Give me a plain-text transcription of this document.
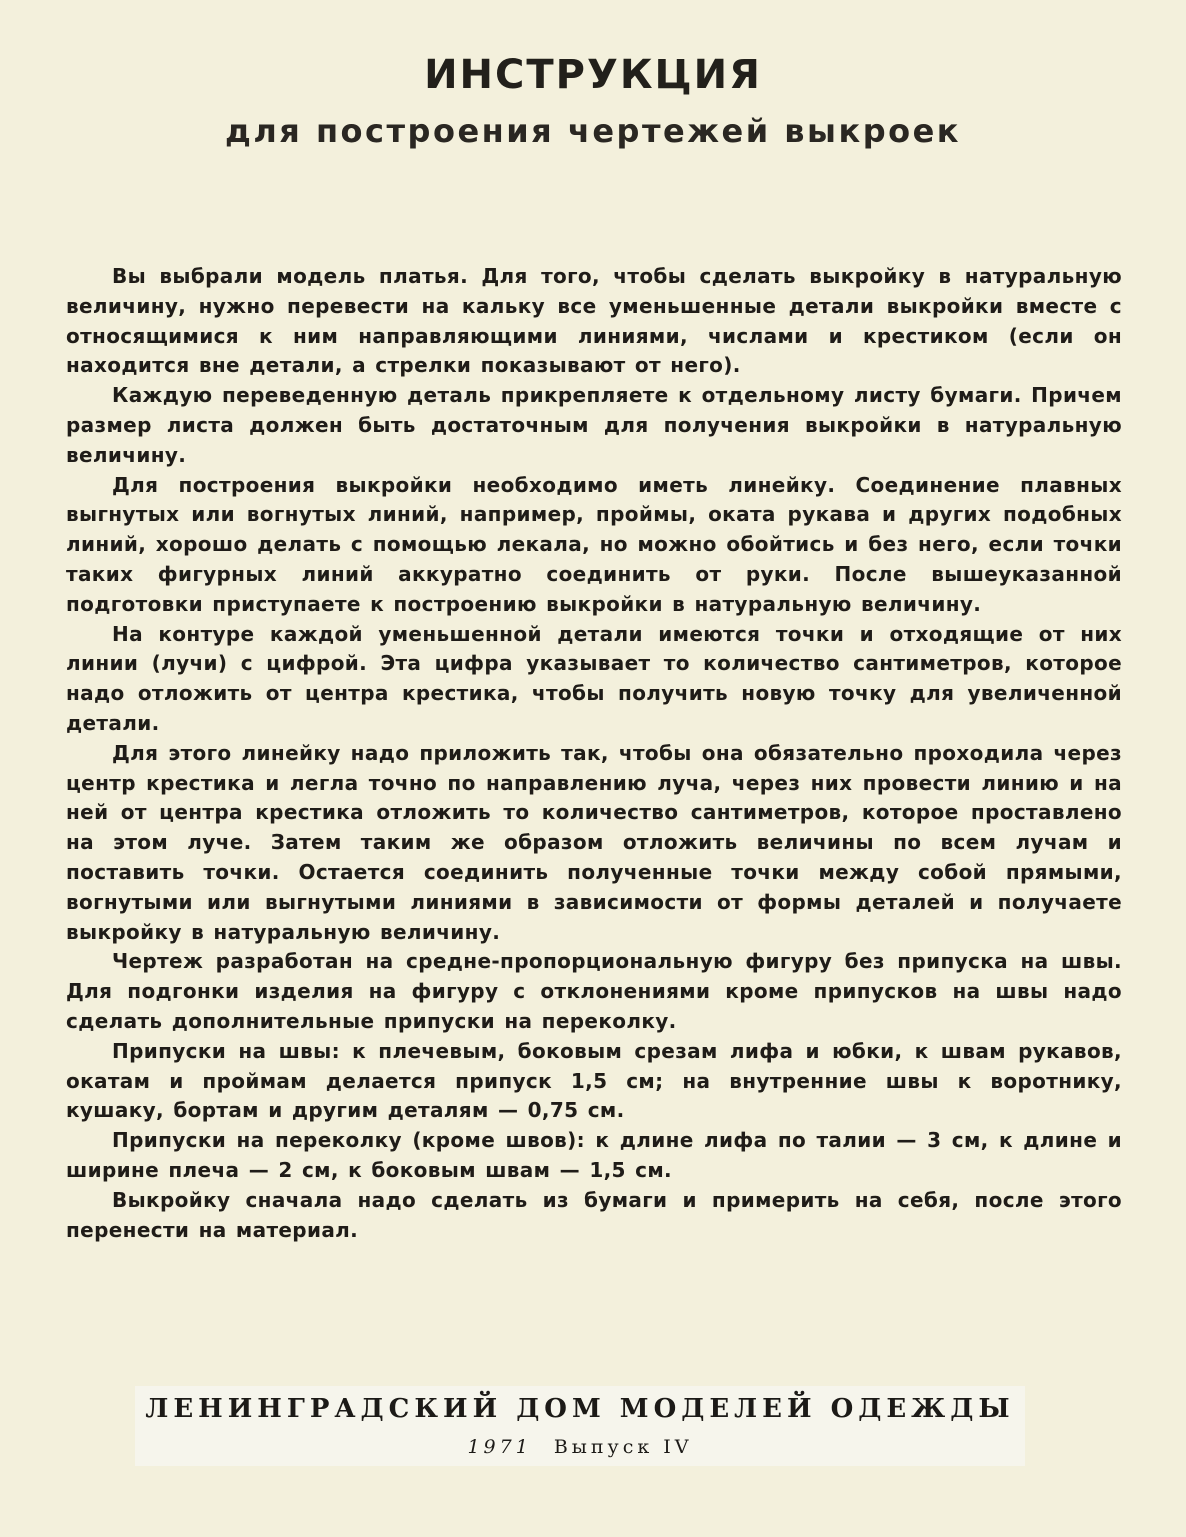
ИНСТРУКЦИЯ
для построения чертежей выкроек

Вы выбрали модель платья. Для того, чтобы сделать выкройку в натуральную величину, нужно перевести на кальку все уменьшенные детали выкройки вместе с относящимися к ним направляющими линиями, числами и крестиком (если он находится вне детали, а стрелки показывают от него).

Каждую переведенную деталь прикрепляете к отдельному листу бумаги. Причем размер листа должен быть достаточным для получения выкройки в натуральную величину.

Для построения выкройки необходимо иметь линейку. Соединение плавных выгнутых или вогнутых линий, например, проймы, оката рукава и других подобных линий, хорошо делать с помощью лекала, но можно обойтись и без него, если точки таких фигурных линий аккуратно соединить от руки. После вышеуказанной подготовки приступаете к построению выкройки в натуральную величину.

На контуре каждой уменьшенной детали имеются точки и отходящие от них линии (лучи) с цифрой. Эта цифра указывает то количество сантиметров, которое надо отложить от центра крестика, чтобы получить новую точку для увеличенной детали.

Для этого линейку надо приложить так, чтобы она обязательно проходила через центр крестика и легла точно по направлению луча, через них провести линию и на ней от центра крестика отложить то количество сантиметров, которое проставлено на этом луче. Затем таким же образом отложить величины по всем лучам и поставить точки. Остается соединить полученные точки между собой прямыми, вогнутыми или выгнутыми линиями в зависимости от формы деталей и получаете выкройку в натуральную величину.

Чертеж разработан на средне-пропорциональную фигуру без припуска на швы. Для подгонки изделия на фигуру с отклонениями кроме припусков на швы надо сделать дополнительные припуски на переколку.

Припуски на швы: к плечевым, боковым срезам лифа и юбки, к швам рукавов, окатам и проймам делается припуск 1,5 см; на внутренние швы к воротнику, кушаку, бортам и другим деталям — 0,75 см.

Припуски на переколку (кроме швов): к длине лифа по талии — 3 см, к длине и ширине плеча — 2 см, к боковым швам — 1,5 см.

Выкройку сначала надо сделать из бумаги и примерить на себя, после этого перенести на материал.

ЛЕНИНГРАДСКИЙ ДОМ МОДЕЛЕЙ ОДЕЖДЫ
1971 Выпуск IV
